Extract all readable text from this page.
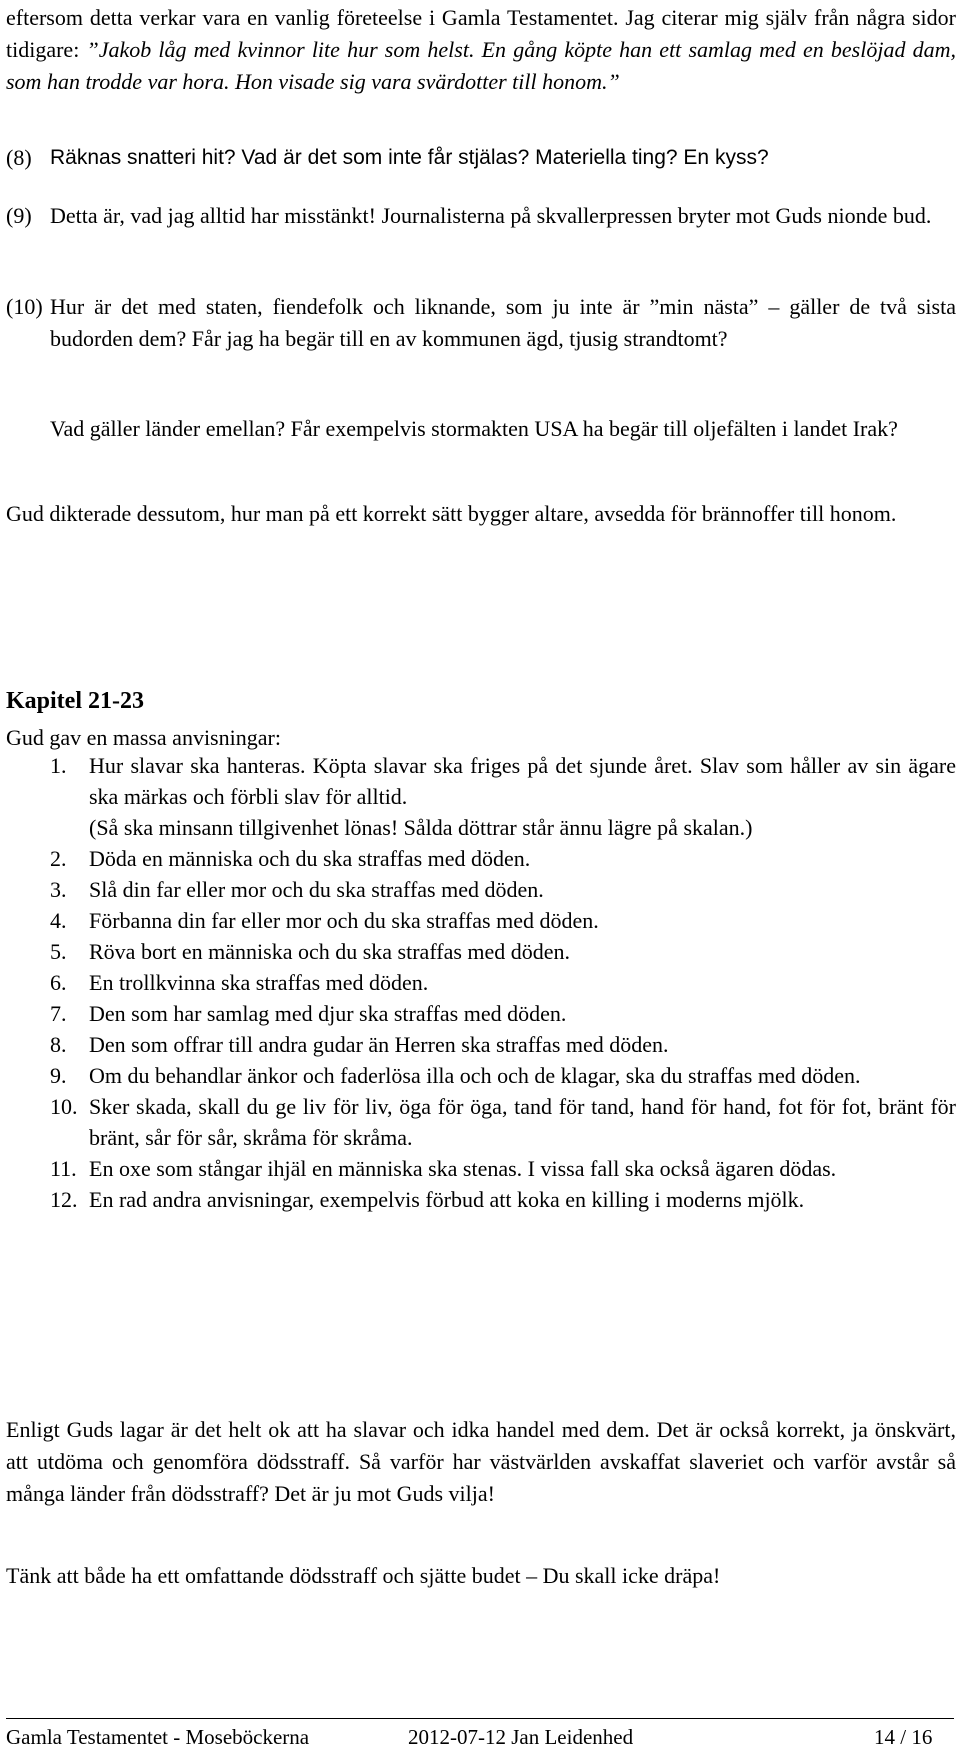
eftersom detta verkar vara en vanlig företeelse i Gamla Testamentet. Jag citerar mig själv från några sidor tidigare: ”Jakob låg med kvinnor lite hur som helst. En gång köpte han ett samlag med en beslöjad dam, som han trodde var hora. Hon visade sig vara svärdotter till honom.”

(8) Räknas snatteri hit? Vad är det som inte får stjälas? Materiella ting? En kyss?

(9) Detta är, vad jag alltid har misstänkt! Journalisterna på skvallerpressen bryter mot Guds nionde bud.

(10) Hur är det med staten, fiendefolk och liknande, som ju inte är ”min nästa” – gäller de två sista budorden dem? Får jag ha begär till en av kommunen ägd, tjusig strandtomt?

Vad gäller länder emellan? Får exempelvis stormakten USA ha begär till oljefälten i landet Irak?

Gud dikterade dessutom, hur man på ett korrekt sätt bygger altare, avsedda för brännoffer till honom.

Kapitel 21-23

Gud gav en massa anvisningar:

1. Hur slavar ska hanteras. Köpta slavar ska friges på det sjunde året. Slav som håller av sin ägare ska märkas och förbli slav för alltid.
(Så ska minsann tillgivenhet lönas! Sålda döttrar står ännu lägre på skalan.)
2. Döda en människa och du ska straffas med döden.
3. Slå din far eller mor och du ska straffas med döden.
4. Förbanna din far eller mor och du ska straffas med döden.
5. Röva bort en människa och du ska straffas med döden.
6. En trollkvinna ska straffas med döden.
7. Den som har samlag med djur ska straffas med döden.
8. Den som offrar till andra gudar än Herren ska straffas med döden.
9. Om du behandlar änkor och faderlösa illa och och de klagar, ska du straffas med döden.
10. Sker skada, skall du ge liv för liv, öga för öga, tand för tand, hand för hand, fot för fot, bränt för bränt, sår för sår, skråma för skråma.
11. En oxe som stångar ihjäl en människa ska stenas. I vissa fall ska också ägaren dödas.
12. En rad andra anvisningar, exempelvis förbud att koka en killing i moderns mjölk.

Enligt Guds lagar är det helt ok att ha slavar och idka handel med dem. Det är också korrekt, ja önskvärt, att utdöma och genomföra dödsstraff. Så varför har västvärlden avskaffat slaveriet och varför avstår så många länder från dödsstraff? Det är ju mot Guds vilja!

Tänk att både ha ett omfattande dödsstraff och sjätte budet – Du skall icke dräpa!

Gamla Testamentet - Moseböckerna	2012-07-12 Jan Leidenhed	14 / 16
